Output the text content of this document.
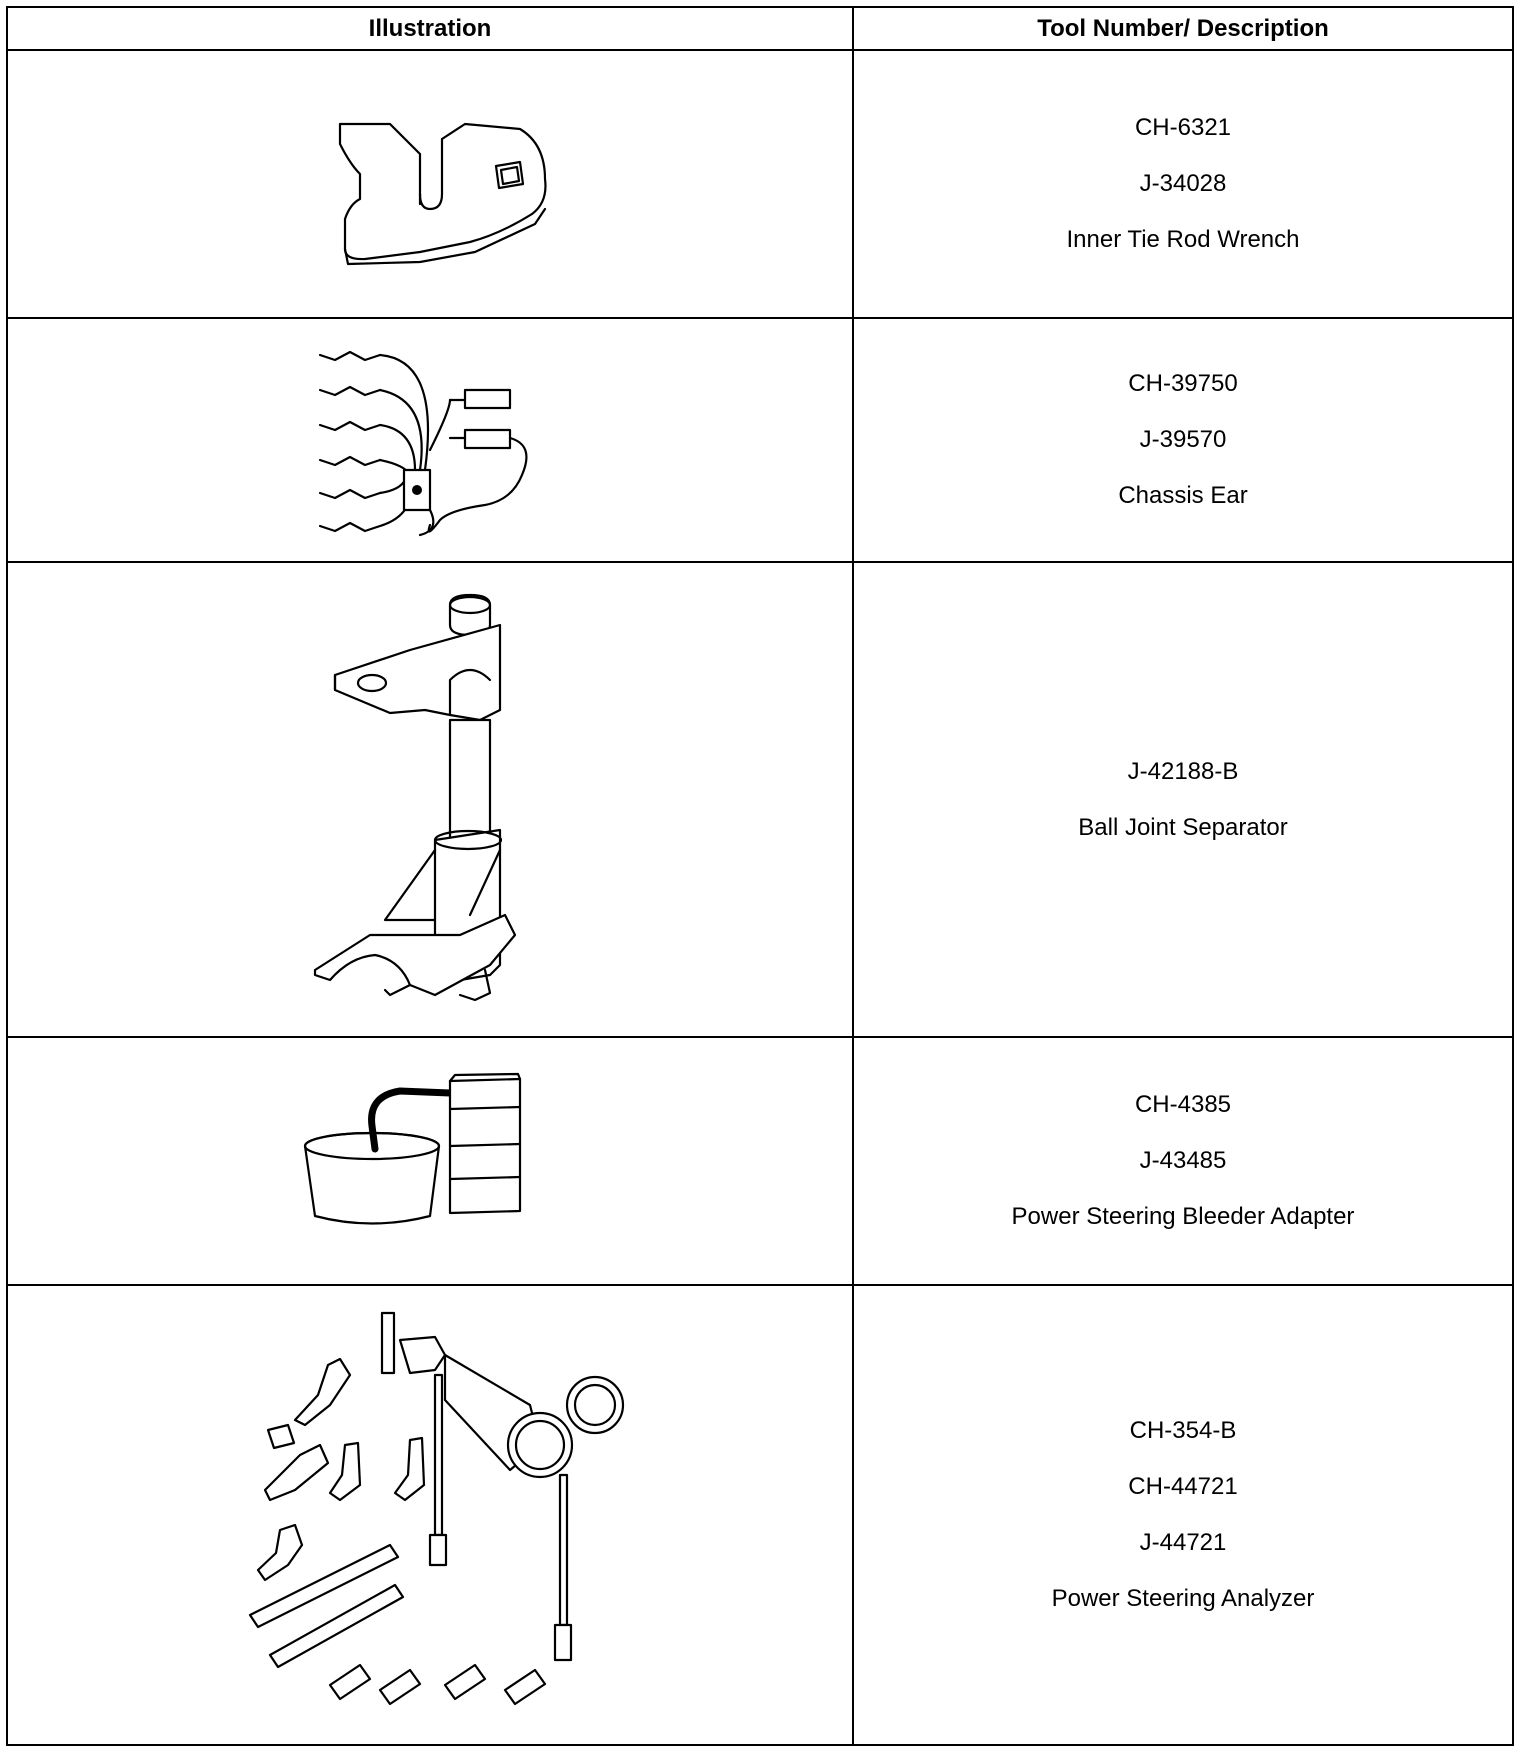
Illustration	Tool Number/ Description
CH-6321
J-34028
Inner Tie Rod Wrench
CH-39750
J-39570
Chassis Ear
J-42188-B
Ball Joint Separator
CH-4385
J-43485
Power Steering Bleeder Adapter
CH-354-B
CH-44721
J-44721
Power Steering Analyzer
